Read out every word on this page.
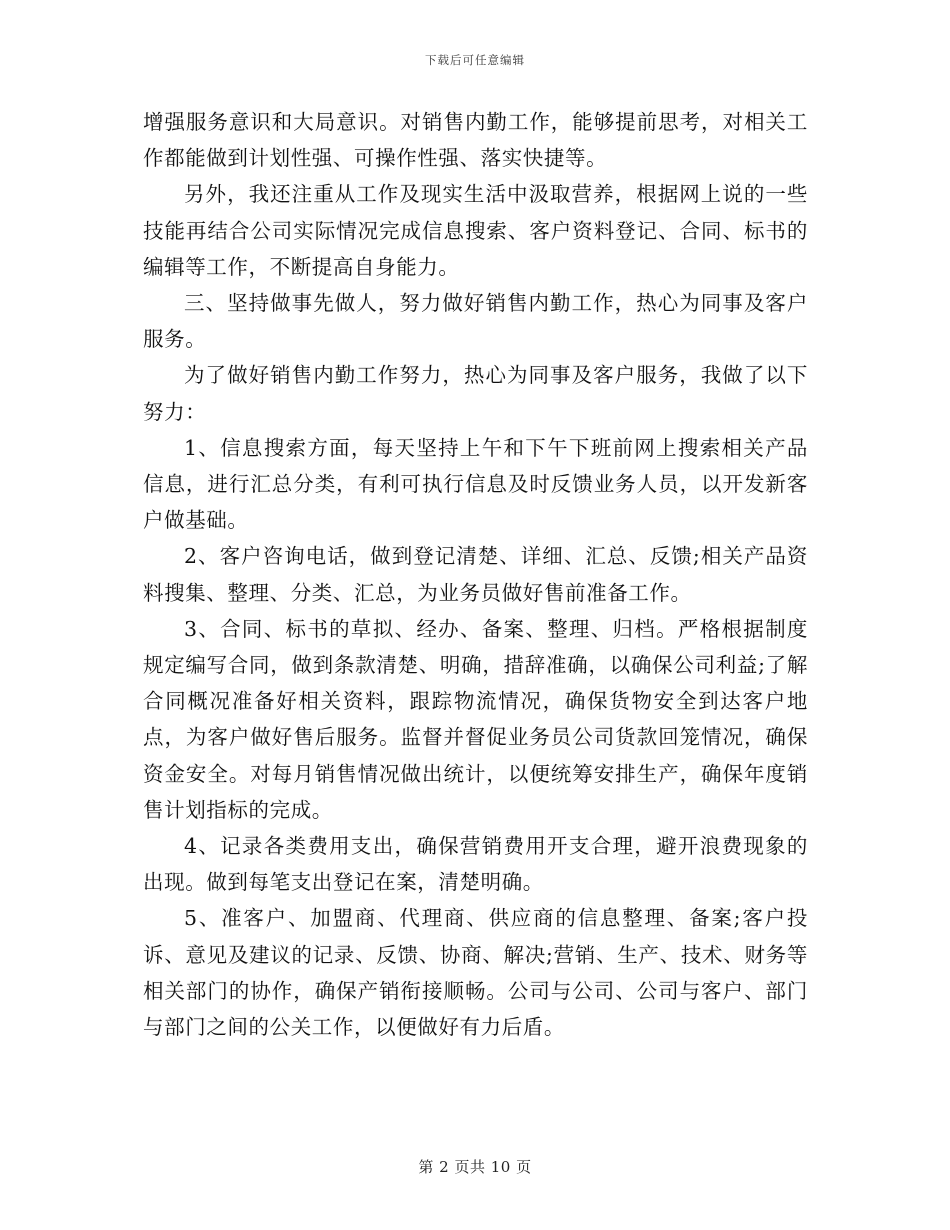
下载后可任意编辑

增强服务意识和大局意识。对销售内勤工作，能够提前思考，对相关工作都能做到计划性强、可操作性强、落实快捷等。

另外，我还注重从工作及现实生活中汲取营养，根据网上说的一些技能再结合公司实际情况完成信息搜索、客户资料登记、合同、标书的编辑等工作，不断提高自身能力。

三、坚持做事先做人，努力做好销售内勤工作，热心为同事及客户服务。

为了做好销售内勤工作努力，热心为同事及客户服务，我做了以下努力：

1、信息搜索方面，每天坚持上午和下午下班前网上搜索相关产品信息，进行汇总分类，有利可执行信息及时反馈业务人员，以开发新客户做基础。

2、客户咨询电话，做到登记清楚、详细、汇总、反馈;相关产品资料搜集、整理、分类、汇总，为业务员做好售前准备工作。

3、合同、标书的草拟、经办、备案、整理、归档。严格根据制度规定编写合同，做到条款清楚、明确，措辞准确，以确保公司利益;了解合同概况准备好相关资料，跟踪物流情况，确保货物安全到达客户地点，为客户做好售后服务。监督并督促业务员公司货款回笼情况，确保资金安全。对每月销售情况做出统计，以便统筹安排生产，确保年度销售计划指标的完成。

4、记录各类费用支出，确保营销费用开支合理，避开浪费现象的出现。做到每笔支出登记在案，清楚明确。

5、准客户、加盟商、代理商、供应商的信息整理、备案;客户投诉、意见及建议的记录、反馈、协商、解决;营销、生产、技术、财务等相关部门的协作，确保产销衔接顺畅。公司与公司、公司与客户、部门与部门之间的公关工作，以便做好有力后盾。

第 2 页共 10 页
